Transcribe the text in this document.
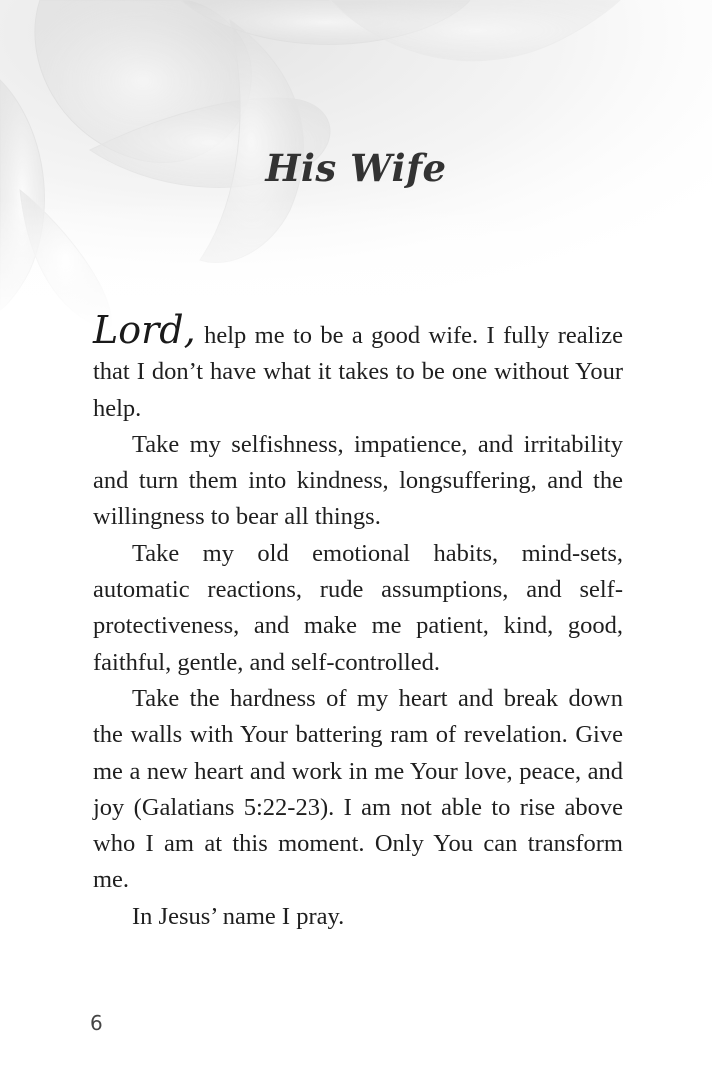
His Wife

Lord, help me to be a good wife. I fully realize that I don’t have what it takes to be one without Your help.

Take my selfishness, impatience, and irritability and turn them into kindness, longsuffering, and the willingness to bear all things.

Take my old emotional habits, mind-sets, automatic reactions, rude assumptions, and self-protectiveness, and make me patient, kind, good, faithful, gentle, and self-controlled.

Take the hardness of my heart and break down the walls with Your battering ram of revelation. Give me a new heart and work in me Your love, peace, and joy (Galatians 5:22-23). I am not able to rise above who I am at this moment. Only You can transform me.

In Jesus’ name I pray.

6
